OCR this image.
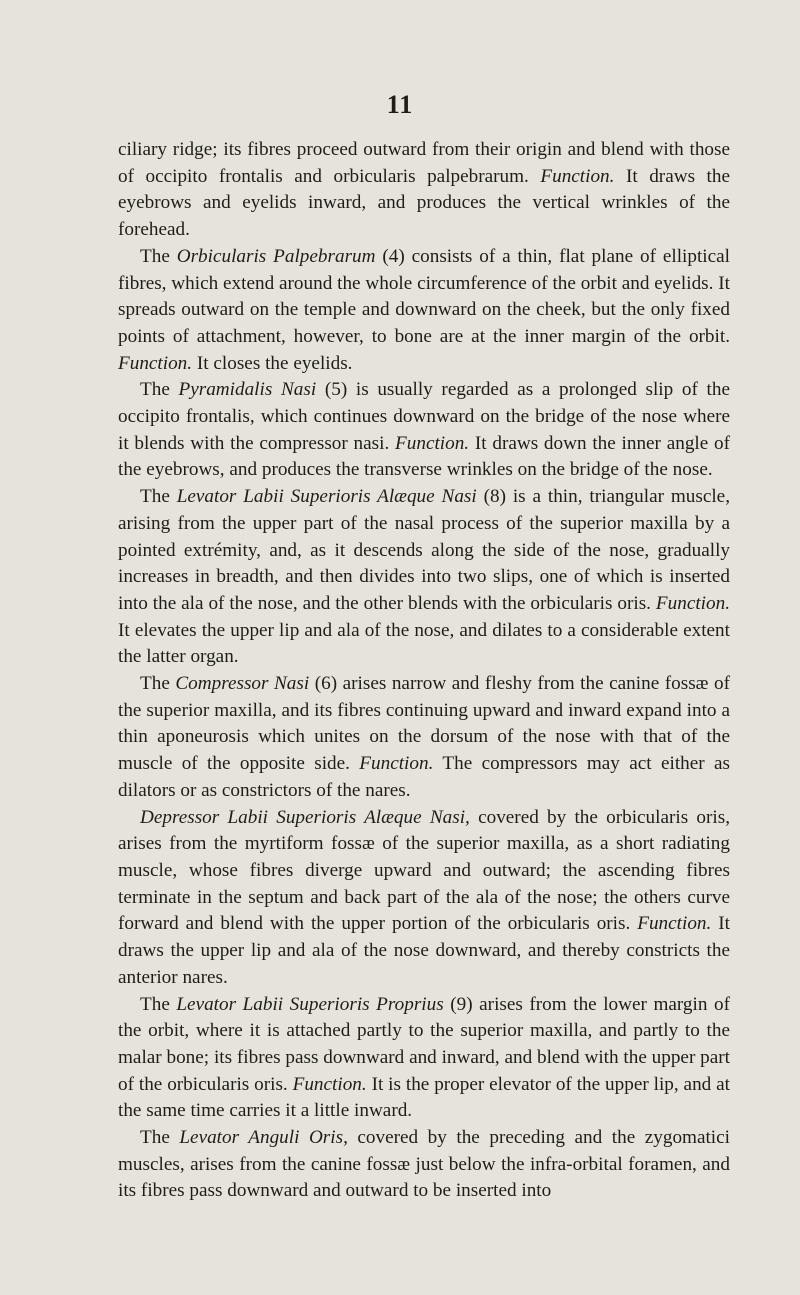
11

ciliary ridge; its fibres proceed outward from their origin and blend with those of occipito frontalis and orbicularis palpebrarum. Function. It draws the eyebrows and eyelids inward, and produces the vertical wrinkles of the forehead.

The Orbicularis Palpebrarum (4) consists of a thin, flat plane of elliptical fibres, which extend around the whole circumference of the orbit and eyelids. It spreads outward on the temple and downward on the cheek, but the only fixed points of attachment, however, to bone are at the inner margin of the orbit. Function. It closes the eyelids.

The Pyramidalis Nasi (5) is usually regarded as a prolonged slip of the occipito frontalis, which continues downward on the bridge of the nose where it blends with the compressor nasi. Function. It draws down the inner angle of the eyebrows, and produces the transverse wrinkles on the bridge of the nose.

The Levator Labii Superioris Alæque Nasi (8) is a thin, triangular muscle, arising from the upper part of the nasal process of the superior maxilla by a pointed extrémity, and, as it descends along the side of the nose, gradually increases in breadth, and then divides into two slips, one of which is inserted into the ala of the nose, and the other blends with the orbicularis oris. Function. It elevates the upper lip and ala of the nose, and dilates to a considerable extent the latter organ.

The Compressor Nasi (6) arises narrow and fleshy from the canine fossæ of the superior maxilla, and its fibres continuing upward and inward expand into a thin aponeurosis which unites on the dorsum of the nose with that of the muscle of the opposite side. Function. The compressors may act either as dilators or as constrictors of the nares.

Depressor Labii Superioris Alæque Nasi, covered by the orbicularis oris, arises from the myrtiform fossæ of the superior maxilla, as a short radiating muscle, whose fibres diverge upward and outward; the ascending fibres terminate in the septum and back part of the ala of the nose; the others curve forward and blend with the upper portion of the orbicularis oris. Function. It draws the upper lip and ala of the nose downward, and thereby constricts the anterior nares.

The Levator Labii Superioris Proprius (9) arises from the lower margin of the orbit, where it is attached partly to the superior maxilla, and partly to the malar bone; its fibres pass downward and inward, and blend with the upper part of the orbicularis oris. Function. It is the proper elevator of the upper lip, and at the same time carries it a little inward.

The Levator Anguli Oris, covered by the preceding and the zygomatici muscles, arises from the canine fossæ just below the infra-orbital foramen, and its fibres pass downward and outward to be inserted into
